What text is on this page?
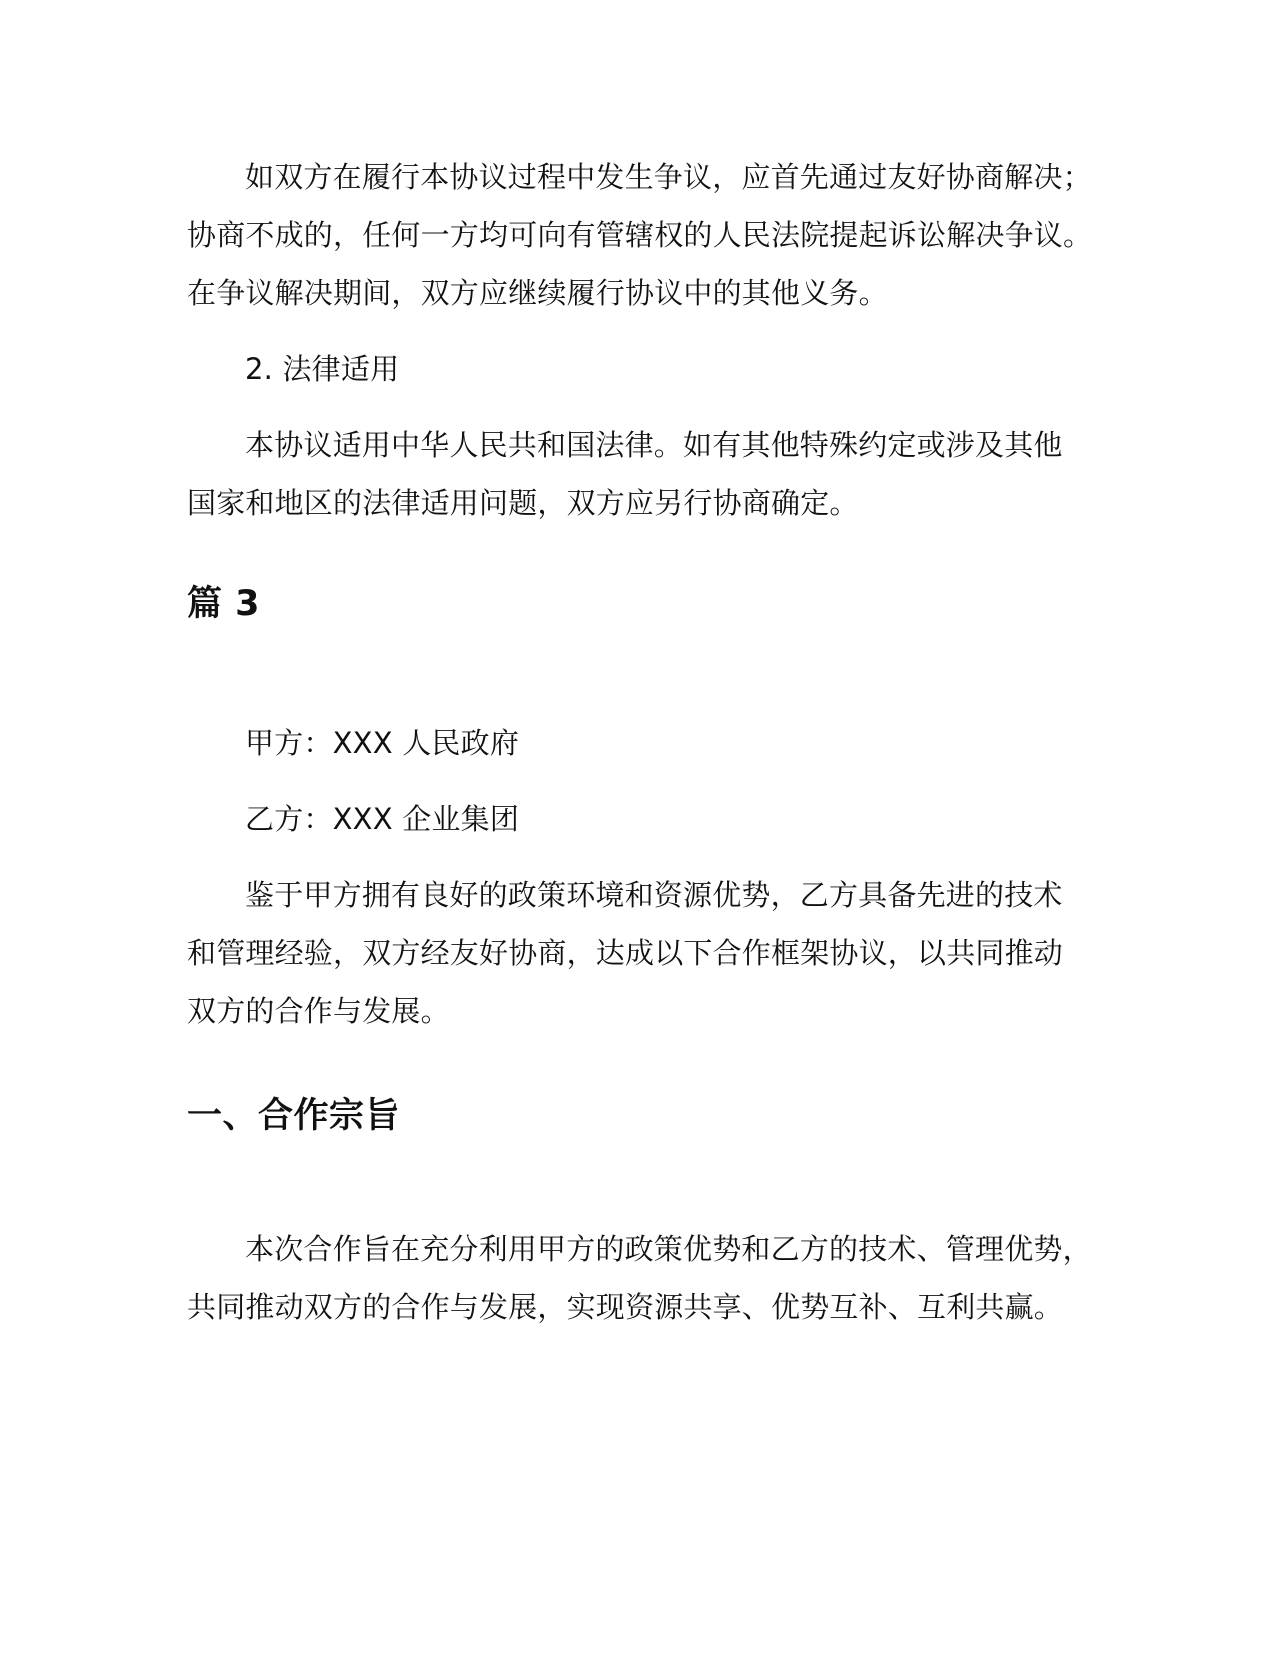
如双方在履行本协议过程中发生争议，应首先通过友好协商解决；
协商不成的，任何一方均可向有管辖权的人民法院提起诉讼解决争议。
在争议解决期间，双方应继续履行协议中的其他义务。

2. 法律适用

本协议适用中华人民共和国法律。如有其他特殊约定或涉及其他
国家和地区的法律适用问题，双方应另行协商确定。
篇 3

甲方：XXX 人民政府

乙方：XXX 企业集团

鉴于甲方拥有良好的政策环境和资源优势，乙方具备先进的技术
和管理经验，双方经友好协商，达成以下合作框架协议，以共同推动
双方的合作与发展。
一、合作宗旨
本次合作旨在充分利用甲方的政策优势和乙方的技术、管理优势，
共同推动双方的合作与发展，实现资源共享、优势互补、互利共赢。
